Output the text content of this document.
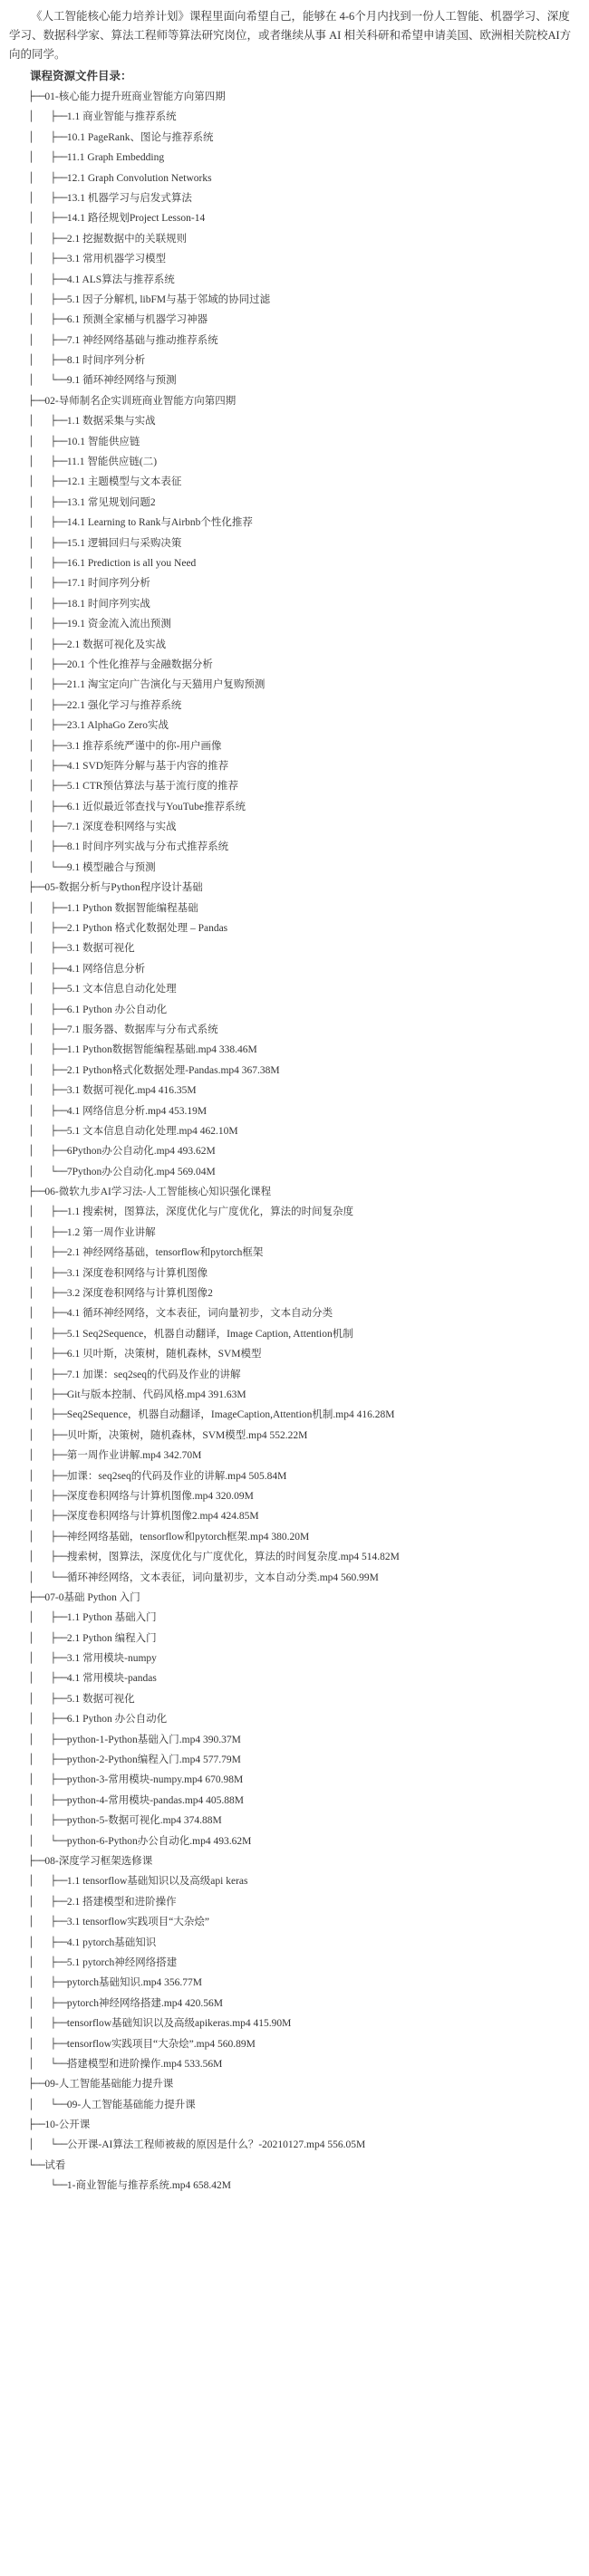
《人工智能核心能力培养计划》课程里面向希望自己，能够在 4-6个月内找到一份人工智能、机器学习、深度学习、数据科学家、算法工程师等算法研究岗位，或者继续从事 AI 相关科研和希望申请美国、欧洲相关院校AI方向的同学。

课程资源文件目录：
├──01-核心能力提升班商业智能方向第四期
│   ├──1.1 商业智能与推荐系统
│   ├──10.1 PageRank、图论与推荐系统
│   ├──11.1 Graph Embedding
│   ├──12.1 Graph Convolution Networks
│   ├──13.1 机器学习与启发式算法
│   ├──14.1 路径规划Project Lesson-14
│   ├──2.1 挖掘数据中的关联规则
│   ├──3.1 常用机器学习模型
│   ├──4.1 ALS算法与推荐系统
│   ├──5.1 因子分解机, libFM与基于邻域的协同过滤
│   ├──6.1 预测全家桶与机器学习神器
│   ├──7.1 神经网络基础与推动推荐系统
│   ├──8.1 时间序列分析
│   └──9.1 循环神经网络与预测
├──02-导师制名企实训班商业智能方向第四期
│   ├──1.1 数据采集与实战
│   ├──10.1 智能供应链
│   ├──11.1 智能供应链(二)
│   ├──12.1 主题模型与文本表征
│   ├──13.1 常见规划问题2
│   ├──14.1 Learning to Rank与Airbnb个性化推荐
│   ├──15.1 逻辑回归与采购决策
│   ├──16.1 Prediction is all you Need
│   ├──17.1 时间序列分析
│   ├──18.1 时间序列实战
│   ├──19.1 资金流入流出预测
│   ├──2.1 数据可视化及实战
│   ├──20.1 个性化推荐与金融数据分析
│   ├──21.1 淘宝定向广告演化与天猫用户复购预测
│   ├──22.1 强化学习与推荐系统
│   ├──23.1 AlphaGo Zero实战
│   ├──3.1 推荐系统严谨中的你-用户画像
│   ├──4.1 SVD矩阵分解与基于内容的推荐
│   ├──5.1 CTR预估算法与基于流行度的推荐
│   ├──6.1 近似最近邻查找与YouTube推荐系统
│   ├──7.1 深度卷积网络与实战
│   ├──8.1 时间序列实战与分布式推荐系统
│   └──9.1 模型融合与预测
├──05-数据分析与Python程序设计基础
│   ├──1.1 Python 数据智能编程基础
│   ├──2.1 Python 格式化数据处理 – Pandas
│   ├──3.1 数据可视化
│   ├──4.1 网络信息分析
│   ├──5.1 文本信息自动化处理
│   ├──6.1 Python 办公自动化
│   ├──7.1 服务器、数据库与分布式系统
│   ├──1.1 Python数据智能编程基础.mp4 338.46M
│   ├──2.1 Python格式化数据处理-Pandas.mp4 367.38M
│   ├──3.1 数据可视化.mp4 416.35M
│   ├──4.1 网络信息分析.mp4 453.19M
│   ├──5.1 文本信息自动化处理.mp4 462.10M
│   ├──6Python办公自动化.mp4 493.62M
│   └──7Python办公自动化.mp4 569.04M
├──06-微软九步AI学习法-人工智能核心知识强化课程
│   ├──1.1 搜索树，图算法，深度优化与广度优化，算法的时间复杂度
│   ├──1.2 第一周作业讲解
│   ├──2.1 神经网络基础，tensorflow和pytorch框架
│   ├──3.1 深度卷积网络与计算机图像
│   ├──3.2 深度卷积网络与计算机图像2
│   ├──4.1 循环神经网络，文本表征，词向量初步，文本自动分类
│   ├──5.1 Seq2Sequence，机器自动翻译，Image Caption, Attention机制
│   ├──6.1 贝叶斯，决策树，随机森林，SVM模型
│   ├──7.1 加课：seq2seq的代码及作业的讲解
│   ├──Git与版本控制、代码风格.mp4 391.63M
│   ├──Seq2Sequence，机器自动翻译，ImageCaption,Attention机制.mp4 416.28M
│   ├──贝叶斯，决策树，随机森林，SVM模型.mp4 552.22M
│   ├──第一周作业讲解.mp4 342.70M
│   ├──加课：seq2seq的代码及作业的讲解.mp4 505.84M
│   ├──深度卷积网络与计算机图像.mp4 320.09M
│   ├──深度卷积网络与计算机图像2.mp4 424.85M
│   ├──神经网络基础，tensorflow和pytorch框架.mp4 380.20M
│   ├──搜索树，图算法，深度优化与广度优化，算法的时间复杂度.mp4 514.82M
│   └──循环神经网络，文本表征，词向量初步，文本自动分类.mp4 560.99M
├──07-0基础 Python 入门
│   ├──1.1 Python 基础入门
│   ├──2.1 Python 编程入门
│   ├──3.1 常用模块-numpy
│   ├──4.1 常用模块-pandas
│   ├──5.1 数据可视化
│   ├──6.1 Python 办公自动化
│   ├──python-1-Python基础入门.mp4 390.37M
│   ├──python-2-Python编程入门.mp4 577.79M
│   ├──python-3-常用模块-numpy.mp4 670.98M
│   ├──python-4-常用模块-pandas.mp4 405.88M
│   ├──python-5-数据可视化.mp4 374.88M
│   └──python-6-Python办公自动化.mp4 493.62M
├──08-深度学习框架选修课
│   ├──1.1 tensorflow基础知识以及高级api keras
│   ├──2.1 搭建模型和进阶操作
│   ├──3.1 tensorflow实践项目“大杂烩”
│   ├──4.1 pytorch基础知识
│   ├──5.1 pytorch神经网络搭建
│   ├──pytorch基础知识.mp4 356.77M
│   ├──pytorch神经网络搭建.mp4 420.56M
│   ├──tensorflow基础知识以及高级apikeras.mp4 415.90M
│   ├──tensorflow实践项目“大杂烩”.mp4 560.89M
│   └──搭建模型和进阶操作.mp4 533.56M
├──09-人工智能基础能力提升课
│   └──09-人工智能基础能力提升课
├──10-公开课
│   └──公开课-AI算法工程师被裁的原因是什么？-20210127.mp4 556.05M
└──试看
└──1-商业智能与推荐系统.mp4 658.42M
